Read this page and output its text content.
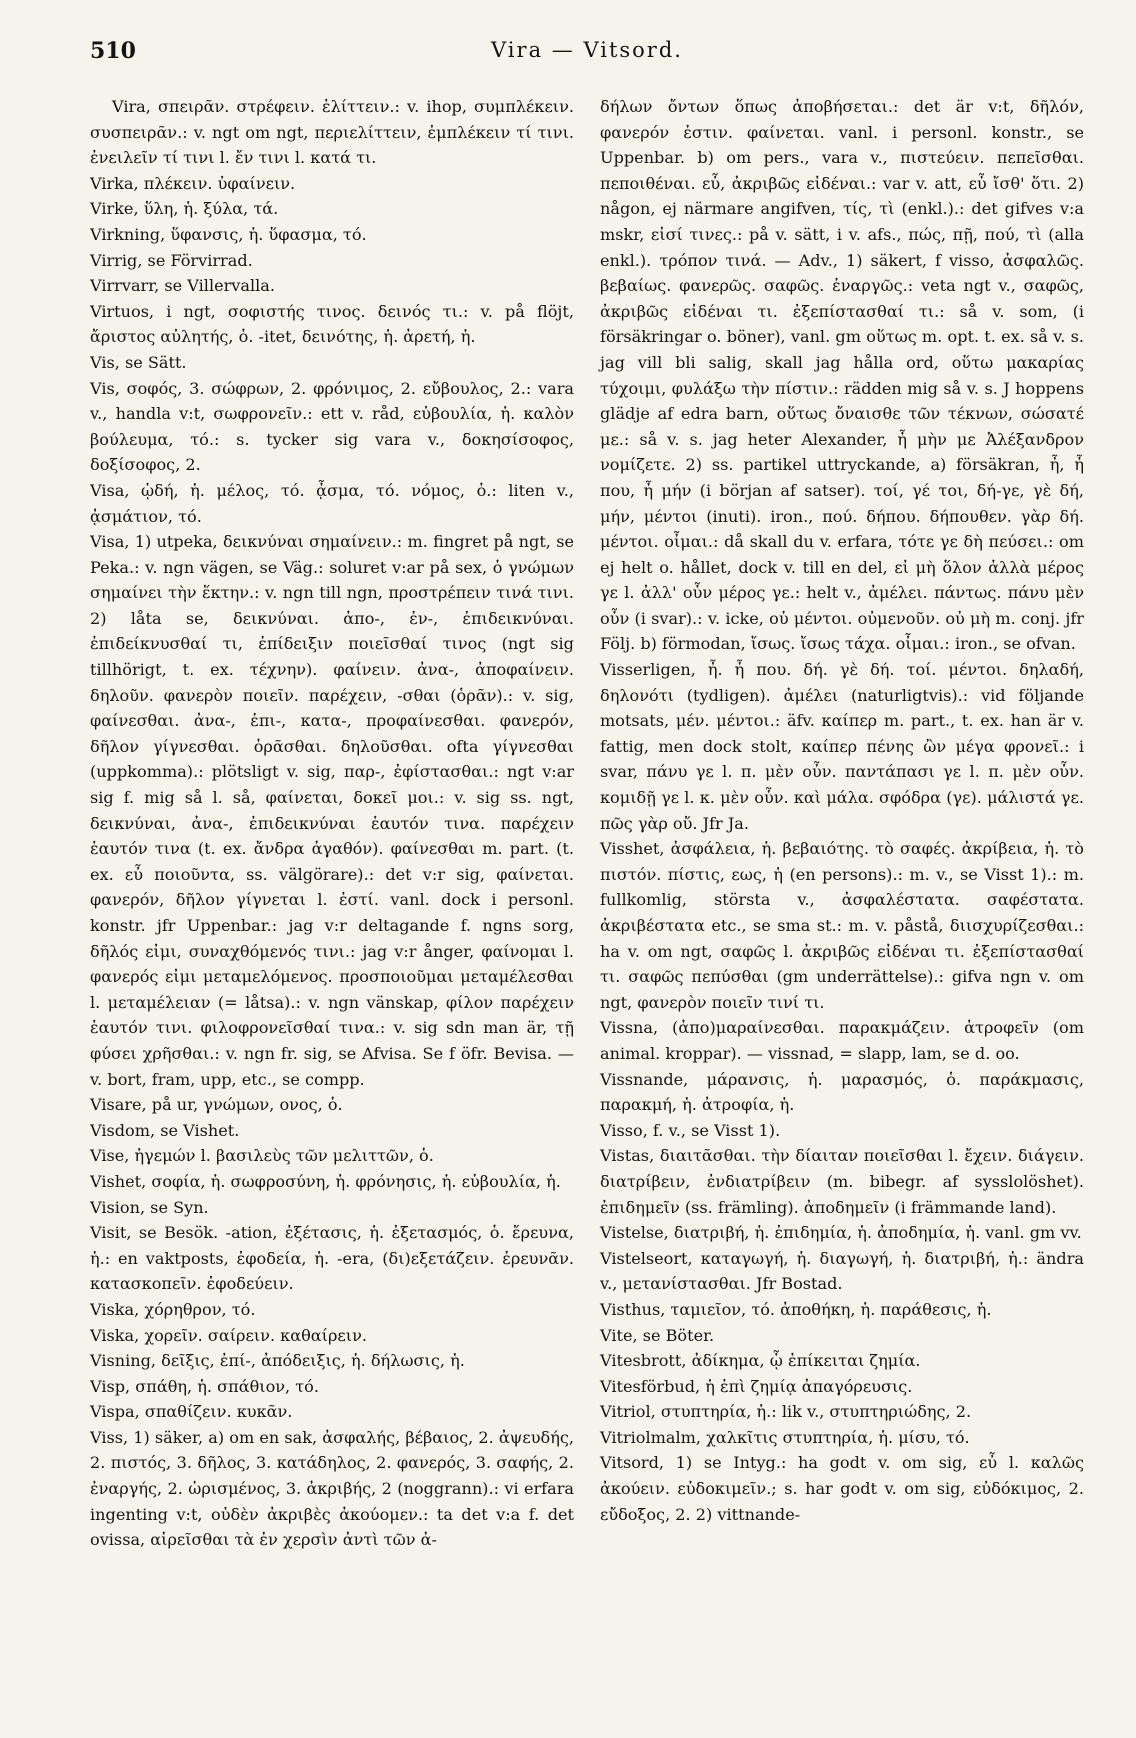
510	Vira — Vitsord.

Vira, σπειρᾶν. στρέφειν. ἑλίττειν.: v. ihop, συμπλέκειν. συσπειρᾶν.: v. ngt om ngt, περιελίττειν, ἐμπλέκειν τί τινι. ἐνειλεῖν τί τινι l. ἔν τινι l. κατά τι.

Virka, πλέκειν. ὑφαίνειν.

Virke, ὕλη, ἡ. ξύλα, τά.

Virkning, ὕφανσις, ἡ. ὕφασμα, τό.

Virrig, se Förvirrad.

Virrvarr, se Villervalla.

Virtuos, i ngt, σοφιστής τινος. δεινός τι.: v. på flöjt, ἄριστος αὐλητής, ὁ. -itet, δεινότης, ἡ. ἀρετή, ἡ.

Vis, se Sätt.

Vis, σοφός, 3. σώφρων, 2. φρόνιμος, 2. εὔβουλος, 2.: vara v., handla v:t, σωφρονεῖν.: ett v. råd, εὐβουλία, ἡ. καλὸν βούλευμα, τό.: s. tycker sig vara v., δοκησίσοφος, δοξίσοφος, 2.

Visa, ᾠδή, ἡ. μέλος, τό. ᾆσμα, τό. νόμος, ὁ.: liten v., ᾀσμάτιον, τό.

Visa, 1) utpeka, δεικνύναι σημαίνειν.: m. fingret på ngt, se Peka.: v. ngn vägen, se Väg.: soluret v:ar på sex, ὁ γνώμων σημαίνει τὴν ἕκτην.: v. ngn till ngn, προστρέπειν τινά τινι. 2) låta se, δεικνύναι. ἀπο-, ἐν-, ἐπιδεικνύναι. ἐπιδείκνυσθαί τι, ἐπίδειξιν ποιεῖσθαί τινος (ngt sig tillhörigt, t. ex. τέχνην). φαίνειν. ἀνα-, ἀποφαίνειν. δηλοῦν. φανερὸν ποιεῖν. παρέχειν, -σθαι (ὁρᾶν).: v. sig, φαίνεσθαι. ἀνα-, ἐπι-, κατα-, προφαίνεσθαι. φανερόν, δῆλον γίγνεσθαι. ὁρᾶσθαι. δηλοῦσθαι. ofta γίγνεσθαι (uppkomma).: plötsligt v. sig, παρ-, ἐφίστασθαι.: ngt v:ar sig f. mig så l. så, φαίνεται, δοκεῖ μοι.: v. sig ss. ngt, δεικνύναι, ἀνα-, ἐπιδεικνύναι ἑαυτόν τινα. παρέχειν ἑαυτόν τινα (t. ex. ἄνδρα ἀγαθόν). φαίνεσθαι m. part. (t. ex. εὖ ποιοῦντα, ss. välgörare).: det v:r sig, φαίνεται. φανερόν, δῆλον γίγνεται l. ἐστί. vanl. dock i personl. konstr. jfr Uppenbar.: jag v:r deltagande f. ngns sorg, δῆλός εἰμι, συναχθόμενός τινι.: jag v:r ånger, φαίνομαι l. φανερός εἰμι μεταμελόμενος. προσποιοῦμαι μεταμέλεσθαι l. μεταμέλειαν (= låtsa).: v. ngn vänskap, φίλον παρέχειν ἑαυτόν τινι. φιλοφρονεῖσθαί τινα.: v. sig sdn man är, τῇ φύσει χρῆσθαι.: v. ngn fr. sig, se Afvisa. Se f öfr. Bevisa. — v. bort, fram, upp, etc., se compp.

Visare, på ur, γνώμων, ονος, ὁ.

Visdom, se Vishet.

Vise, ἡγεμών l. βασιλεὺς τῶν μελιττῶν, ὁ.

Vishet, σοφία, ἡ. σωφροσύνη, ἡ. φρόνησις, ἡ. εὐβουλία, ἡ.

Vision, se Syn.

Visit, se Besök. -ation, ἐξέτασις, ἡ. ἐξετασμός, ὁ. ἔρευνα, ἡ.: en vaktposts, ἐφοδεία, ἡ. -era, (δι)εξετάζειν. ἐρευνᾶν. κατασκοπεῖν. ἐφοδεύειν.

Viska, χόρηθρον, τό.

Viska, χορεῖν. σαίρειν. καθαίρειν.

Visning, δεῖξις, ἐπί-, ἀπόδειξις, ἡ. δήλωσις, ἡ.

Visp, σπάθη, ἡ. σπάθιον, τό.

Vispa, σπαθίζειν. κυκᾶν.

Viss, 1) säker, a) om en sak, ἀσφαλής, βέβαιος, 2. ἀψευδής, 2. πιστός, 3. δῆλος, 3. κατάδηλος, 2. φανερός, 3. σαφής, 2. ἐναργής, 2. ὡρισμένος, 3. ἀκριβής, 2 (noggrann).: vi erfara ingenting v:t, οὐδὲν ἀκριβὲς ἀκούομεν.: ta det v:a f. det ovissa, αἱρεῖσθαι τὰ ἐν χερσὶν ἀντὶ τῶν ἀ-

δήλων ὄντων ὅπως ἀποβήσεται.: det är v:t, δῆλόν, φανερόν ἐστιν. φαίνεται. vanl. i personl. konstr., se Uppenbar. b) om pers., vara v., πιστεύειν. πεπεῖσθαι. πεποιθέναι. εὖ, ἀκριβῶς εἰδέναι.: var v. att, εὖ ἴσθ' ὅτι. 2) någon, ej närmare angifven, τίς, τὶ (enkl.).: det gifves v:a mskr, εἰσί τινες.: på v. sätt, i v. afs., πώς, πῇ, πού, τὶ (alla enkl.). τρόπον τινά. — Adv., 1) säkert, f visso, ἀσφαλῶς. βεβαίως. φανερῶς. σαφῶς. ἐναργῶς.: veta ngt v., σαφῶς, ἀκριβῶς εἰδέναι τι. ἐξεπίστασθαί τι.: så v. som, (i försäkringar o. böner), vanl. gm οὕτως m. opt. t. ex. så v. s. jag vill bli salig, skall jag hålla ord, οὕτω μακαρίας τύχοιμι, φυλάξω τὴν πίστιν.: rädden mig så v. s. J hoppens glädje af edra barn, οὕτως ὄναισθε τῶν τέκνων, σώσατέ με.: så v. s. jag heter Alexander, ἦ μὴν με Ἀλέξανδρον νομίζετε. 2) ss. partikel uttryckande, a) försäkran, ἦ, ἦ που, ἦ μήν (i början af satser). τοί, γέ τοι, δή-γε, γὲ δή, μήν, μέντοι (inuti). iron., πού. δήπου. δήπουθεν. γὰρ δή. μέντοι. οἶμαι.: då skall du v. erfara, τότε γε δὴ πεύσει.: om ej helt o. hållet, dock v. till en del, εἰ μὴ ὅλον ἀλλὰ μέρος γε l. ἀλλ' οὖν μέρος γε.: helt v., ἀμέλει. πάντως. πάνυ μὲν οὖν (i svar).: v. icke, οὐ μέντοι. οὐμενοῦν. οὐ μὴ m. conj. jfr Följ. b) förmodan, ἴσως. ἴσως τάχα. οἶμαι.: iron., se ofvan.

Visserligen, ἦ. ἦ που. δή. γὲ δή. τοί. μέντοι. δηλαδή, δηλονότι (tydligen). ἀμέλει (naturligtvis).: vid följande motsats, μέν. μέντοι.: äfv. καίπερ m. part., t. ex. han är v. fattig, men dock stolt, καίπερ πένης ὢν μέγα φρονεῖ.: i svar, πάνυ γε l. π. μὲν οὖν. παντάπασι γε l. π. μὲν οὖν. κομιδῇ γε l. κ. μὲν οὖν. καὶ μάλα. σφόδρα (γε). μάλιστά γε. πῶς γὰρ οὔ. Jfr Ja.

Visshet, ἀσφάλεια, ἡ. βεβαιότης. τὸ σαφές. ἀκρίβεια, ἡ. τὸ πιστόν. πίστις, εως, ἡ (en persons).: m. v., se Visst 1).: m. fullkomlig, största v., ἀσφαλέστατα. σαφέστατα. ἀκριβέστατα etc., se sma st.: m. v. påstå, διισχυρίζεσθαι.: ha v. om ngt, σαφῶς l. ἀκριβῶς εἰδέναι τι. ἐξεπίστασθαί τι. σαφῶς πεπύσθαι (gm underrättelse).: gifva ngn v. om ngt, φανερὸν ποιεῖν τινί τι.

Vissna, (ἀπο)μαραίνεσθαι. παρακμάζειν. ἀτροφεῖν (om animal. kroppar). — vissnad, = slapp, lam, se d. oo.

Vissnande, μάρανσις, ἡ. μαρασμός, ὁ. παράκμασις, παρακμή, ἡ. ἀτροφία, ἡ.

Visso, f. v., se Visst 1).

Vistas, διαιτᾶσθαι. τὴν δίαιταν ποιεῖσθαι l. ἔχειν. διάγειν. διατρίβειν, ἐνδιατρίβειν (m. bibegr. af sysslolöshet). ἐπιδημεῖν (ss. främling). ἀποδημεῖν (i främmande land).

Vistelse, διατριβή, ἡ. ἐπιδημία, ἡ. ἀποδημία, ἡ. vanl. gm vv.

Vistelseort, καταγωγή, ἡ. διαγωγή, ἡ. διατριβή, ἡ.: ändra v., μετανίστασθαι. Jfr Bostad.

Visthus, ταμιεῖον, τό. ἀποθήκη, ἡ. παράθεσις, ἡ.

Vite, se Böter.

Vitesbrott, ἀδίκημα, ᾧ ἐπίκειται ζημία.

Vitesförbud, ἡ ἐπὶ ζημίᾳ ἀπαγόρευσις.

Vitriol, στυπτηρία, ἡ.: lik v., στυπτηριώδης, 2.

Vitriolmalm, χαλκῖτις στυπτηρία, ἡ. μίσυ, τό.

Vitsord, 1) se Intyg.: ha godt v. om sig, εὖ l. καλῶς ἀκούειν. εὐδοκιμεῖν.; s. har godt v. om sig, εὐδόκιμος, 2. εὔδοξος, 2. 2) vittnande-
